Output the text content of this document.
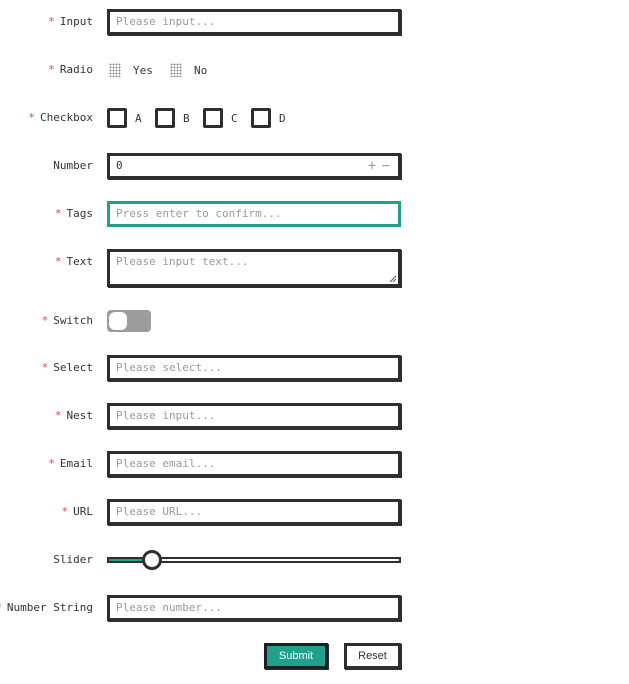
* Input Please input...
* Radio	Yes	No
* Checkbox	A	B	C	D
Number 0	+ −
* Tags Press enter to confirm...
* Text Please input text...
* Switch
* Select Please select...
* Nest Please input...
* Email Please email...
* URL Please URL...
Slider
Number String Please number...
Submit	Reset
